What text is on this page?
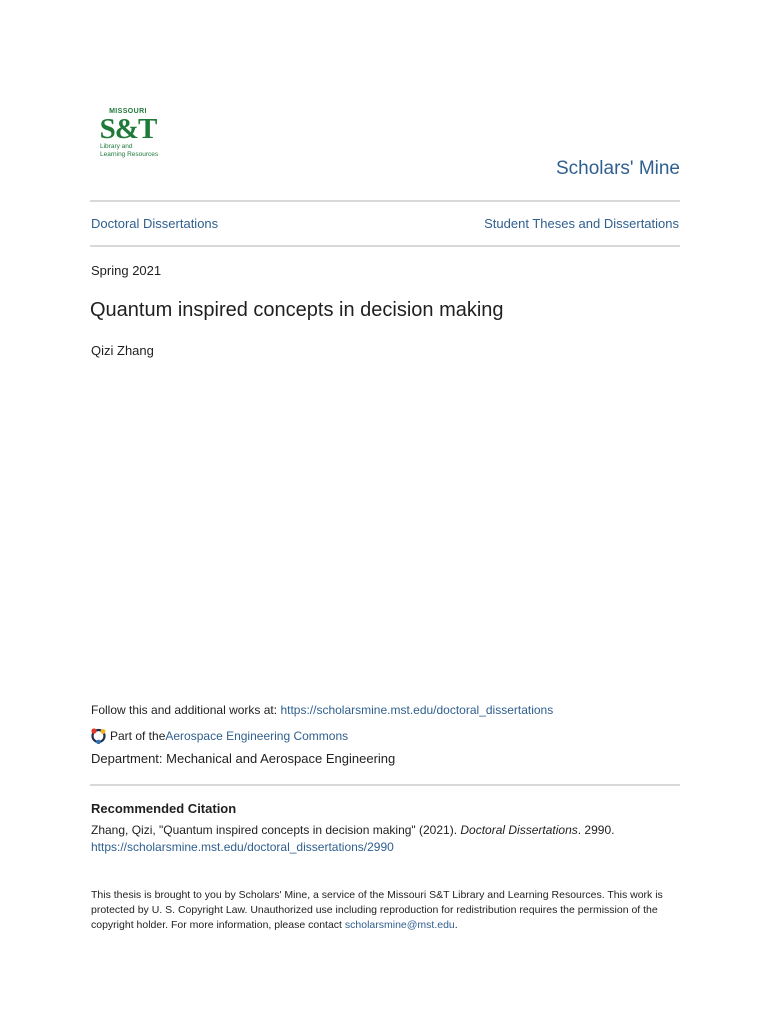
MISSOURI
S&T
Library and
Learning Resources
Scholars' Mine
Doctoral Dissertations	Student Theses and Dissertations
Spring 2021
Quantum inspired concepts in decision making
Qizi Zhang
Follow this and additional works at: https://scholarsmine.mst.edu/doctoral_dissertations
Part of the Aerospace Engineering Commons
Department: Mechanical and Aerospace Engineering
Recommended Citation
Zhang, Qizi, "Quantum inspired concepts in decision making" (2021). Doctoral Dissertations. 2990.
https://scholarsmine.mst.edu/doctoral_dissertations/2990
This thesis is brought to you by Scholars' Mine, a service of the Missouri S&T Library and Learning Resources. This work is protected by U. S. Copyright Law. Unauthorized use including reproduction for redistribution requires the permission of the copyright holder. For more information, please contact scholarsmine@mst.edu.
